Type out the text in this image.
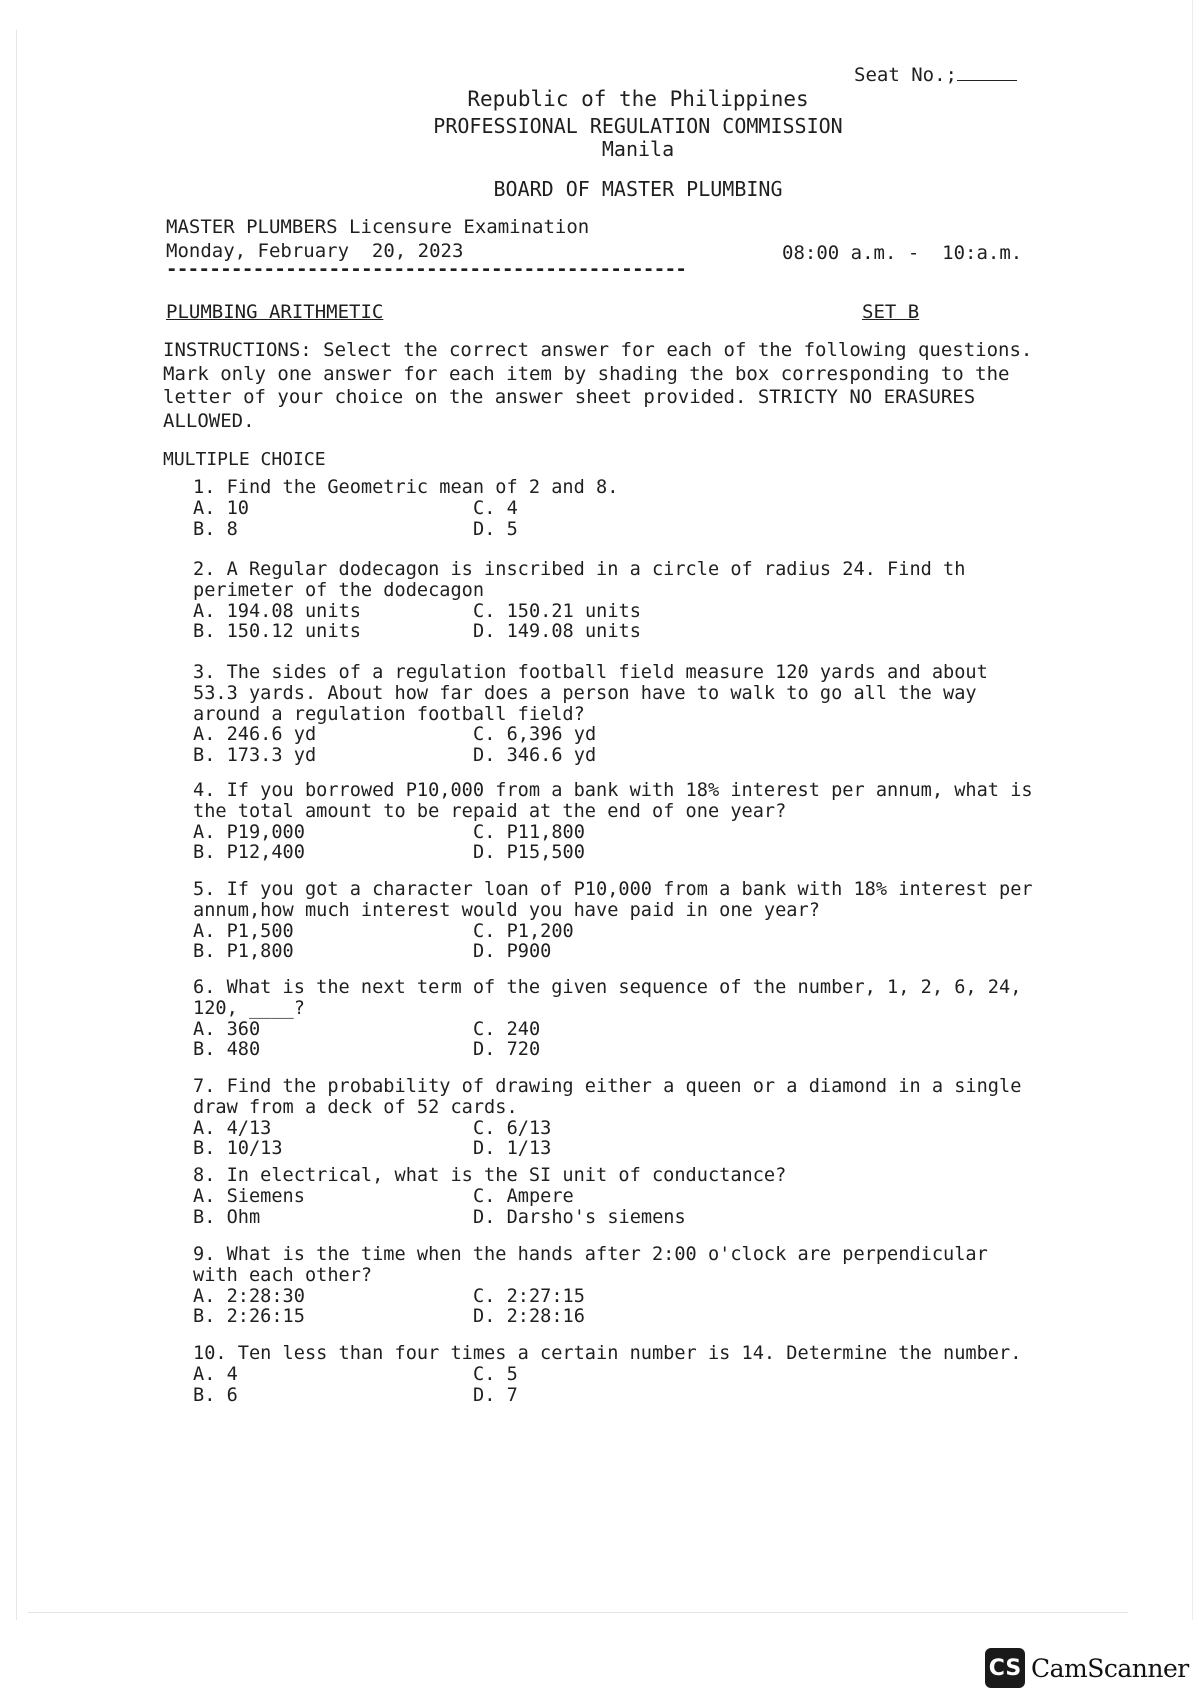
Seat No.;
Republic of the Philippines
PROFESSIONAL REGULATION COMMISSION
Manila
BOARD OF MASTER PLUMBING
MASTER PLUMBERS Licensure Examination
Monday, February  20, 2023	08:00 a.m. -  10:a.m.
------------------------------------------------
PLUMBING ARITHMETIC	SET B
INSTRUCTIONS: Select the correct answer for each of the following questions. Mark only one answer for each item by shading the box corresponding to the letter of your choice on the answer sheet provided. STRICTY NO ERASURES ALLOWED.
MULTIPLE CHOICE
1. Find the Geometric mean of 2 and 8.
A. 10	C. 4
B. 8	D. 5
2. A Regular dodecagon is inscribed in a circle of radius 24. Find th
perimeter of the dodecagon
A. 194.08 units	C. 150.21 units
B. 150.12 units	D. 149.08 units
3. The sides of a regulation football field measure 120 yards and about
53.3 yards. About how far does a person have to walk to go all the way
around a regulation football field?
A. 246.6 yd	C. 6,396 yd
B. 173.3 yd	D. 346.6 yd
4. If you borrowed P10,000 from a bank with 18% interest per annum, what is
the total amount to be repaid at the end of one year?
A. P19,000	C. P11,800
B. P12,400	D. P15,500
5. If you got a character loan of P10,000 from a bank with 18% interest per
annum,how much interest would you have paid in one year?
A. P1,500	C. P1,200
B. P1,800	D. P900
6. What is the next term of the given sequence of the number, 1, 2, 6, 24,
120, ____?
A. 360	C. 240
B. 480	D. 720
7. Find the probability of drawing either a queen or a diamond in a single
draw from a deck of 52 cards.
A. 4/13	C. 6/13
B. 10/13	D. 1/13
8. In electrical, what is the SI unit of conductance?
A. Siemens	C. Ampere
B. Ohm	D. Darsho's siemens
9. What is the time when the hands after 2:00 o'clock are perpendicular
with each other?
A. 2:28:30	C. 2:27:15
B. 2:26:15	D. 2:28:16
10. Ten less than four times a certain number is 14. Determine the number.
A. 4	C. 5
B. 6	D. 7
CS CamScanner
